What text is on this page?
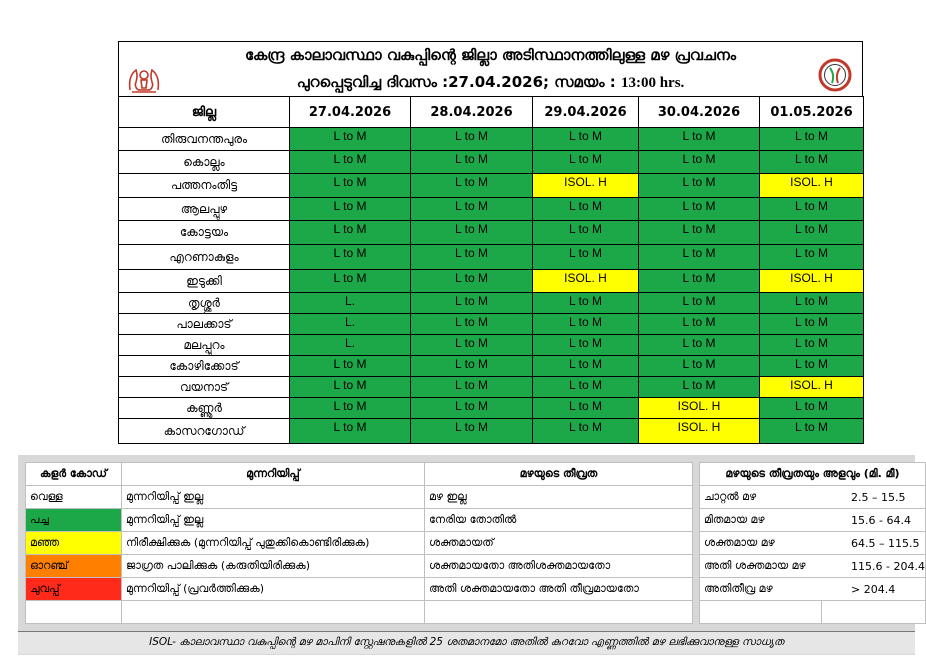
കേന്ദ്ര കാലാവസ്ഥാ വകുപ്പിന്റെ ജില്ലാ അടിസ്ഥാനത്തിലുള്ള മഴ പ്രവചനം
പുറപ്പെടുവിച്ച ദിവസം :27.04.2026; സമയം : 13:00 hrs.
ജില്ല	27.04.2026	28.04.2026	29.04.2026	30.04.2026	01.05.2026
തിരുവനന്തപുരം	L to M	L to M	L to M	L to M	L to M
കൊല്ലം	L to M	L to M	L to M	L to M	L to M
പത്തനംതിട്ട	L to M	L to M	ISOL. H	L to M	ISOL. H
ആലപ്പുഴ	L to M	L to M	L to M	L to M	L to M
കോട്ടയം	L to M	L to M	L to M	L to M	L to M
എറണാകുളം	L to M	L to M	L to M	L to M	L to M
ഇടുക്കി	L to M	L to M	ISOL. H	L to M	ISOL. H
തൃശ്ശൂർ	L.	L to M	L to M	L to M	L to M
പാലക്കാട്	L.	L to M	L to M	L to M	L to M
മലപ്പുറം	L.	L to M	L to M	L to M	L to M
കോഴിക്കോട്	L to M	L to M	L to M	L to M	L to M
വയനാട്	L to M	L to M	L to M	L to M	ISOL. H
കണ്ണൂർ	L to M	L to M	L to M	ISOL. H	L to M
കാസറഗോഡ്	L to M	L to M	L to M	ISOL. H	L to M
കളർ കോഡ്	മുന്നറിയിപ്പ്	മഴയുടെ തീവ്രത
വെള്ള	മുന്നറിയിപ്പ് ഇല്ല	മഴ ഇല്ല
പച്ച	മുന്നറിയിപ്പ് ഇല്ല	നേരിയ തോതിൽ
മഞ്ഞ	നിരീക്ഷിക്കുക (മുന്നറിയിപ്പ് പുതുക്കികൊണ്ടിരിക്കുക)	ശക്തമായത്
ഓറഞ്ച്	ജാഗ്രത പാലിക്കുക (കരുതിയിരിക്കുക)	ശക്തമായതോ അതിശക്തമായതോ
ചുവപ്പ്	മുന്നറിയിപ്പ് (പ്രവർത്തിക്കുക)	അതി ശക്തമായതോ അതി തീവ്രമായതോ

മഴയുടെ തീവ്രതയും അളവും (മി. മീ)	
ചാറ്റൽ മഴ	2.5 – 15.5
മിതമായ മഴ	15.6 - 64.4
ശക്തമായ മഴ	64.5 – 115.5
അതി ശക്തമായ മഴ	115.6 - 204.4
അതിതീവ്ര മഴ	> 204.4

ISOL- കാലാവസ്ഥാ വകുപ്പിന്റെ മഴ മാപിനി സ്റ്റേഷനുകളിൽ 25 ശതമാനമോ അതിൽ കുറവോ എണ്ണത്തിൽ മഴ ലഭിക്കുവാനുള്ള സാധ്യത
